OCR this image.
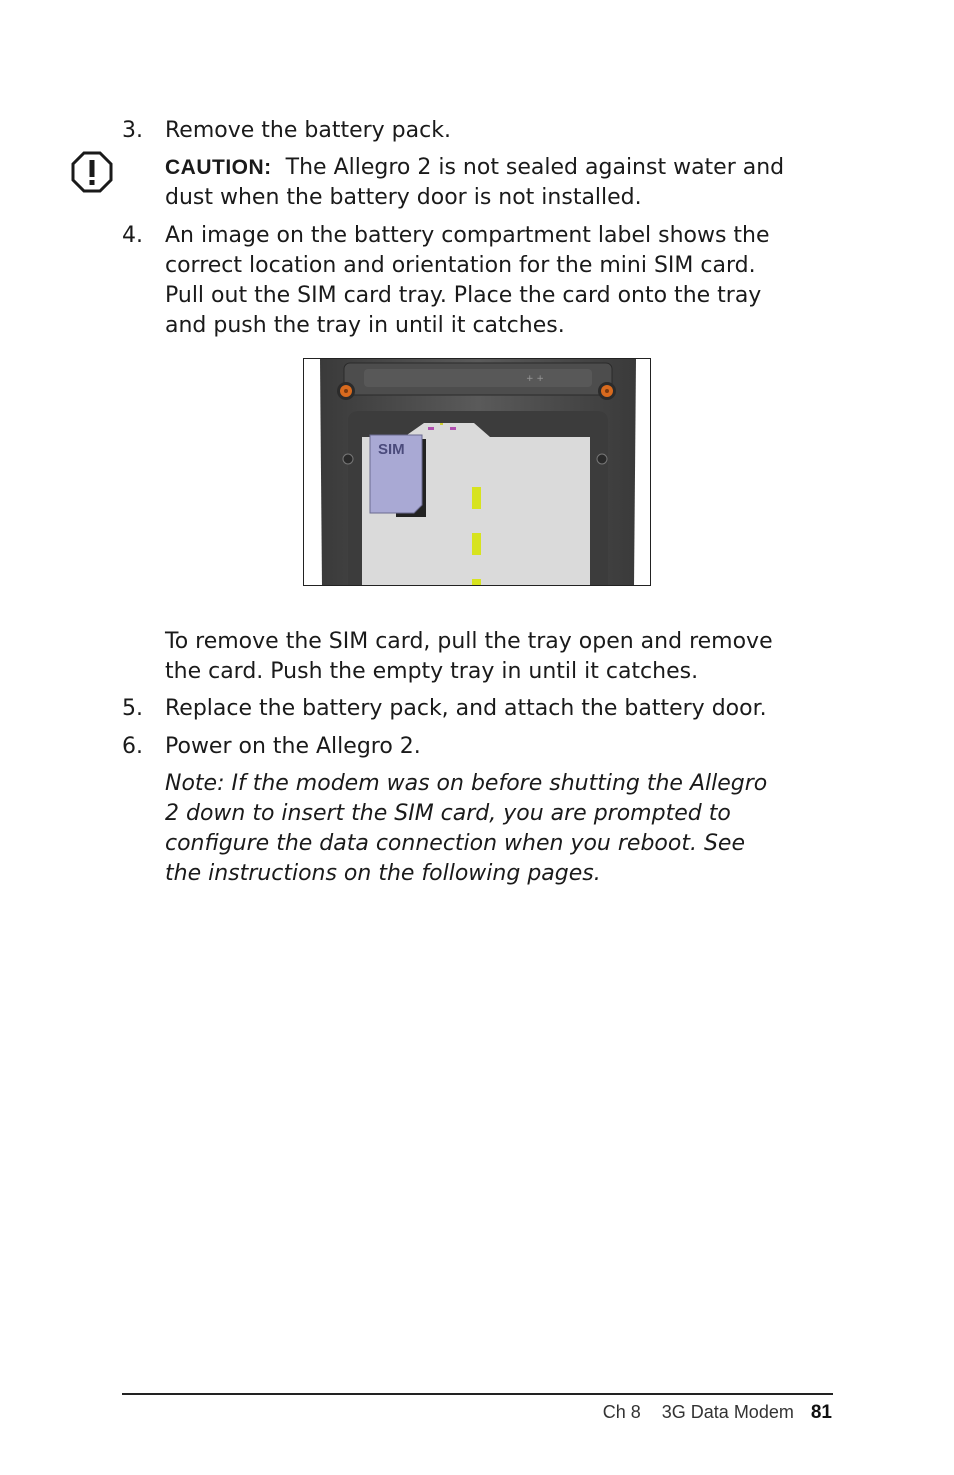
3. Remove the battery pack.

CAUTION: The Allegro 2 is not sealed against water and
dust when the battery door is not installed.

4. An image on the battery compartment label shows the
correct location and orientation for the mini SIM card.
Pull out the SIM card tray. Place the card onto the tray
and push the tray in until it catches.

+ +
SIM

To remove the SIM card, pull the tray open and remove
the card. Push the empty tray in until it catches.

5. Replace the battery pack, and attach the battery door.

6. Power on the Allegro 2.

Note: If the modem was on before shutting the Allegro
2 down to insert the SIM card, you are prompted to
configure the data connection when you reboot. See
the instructions on the following pages.

Ch 8 3G Data Modem 81
